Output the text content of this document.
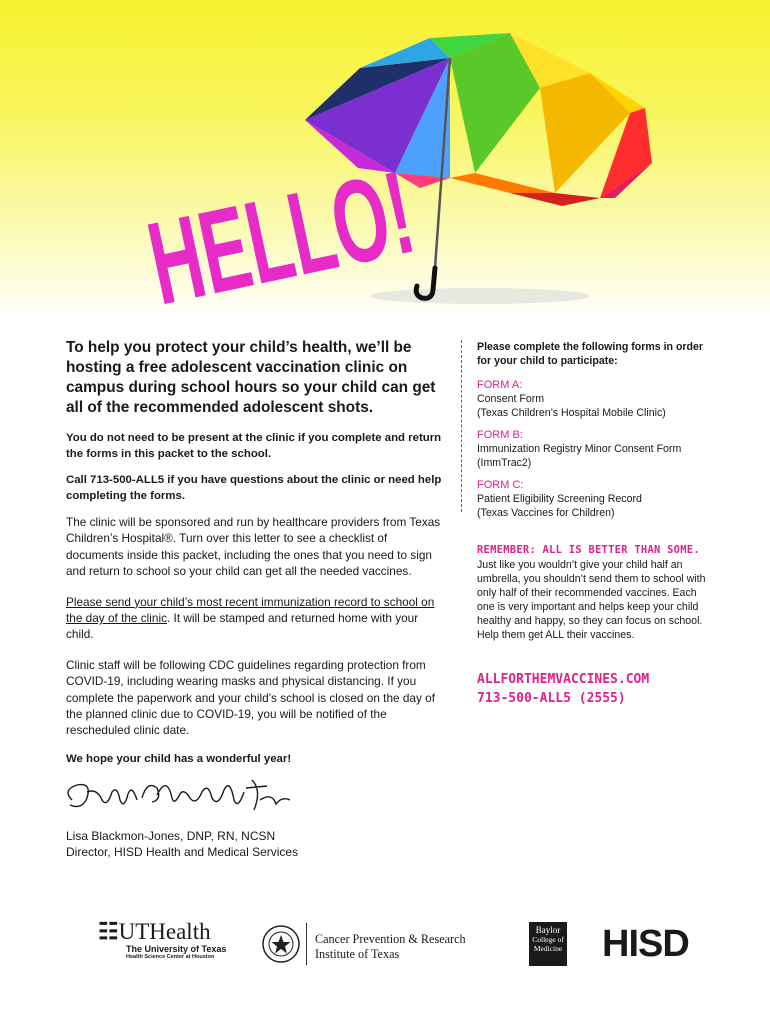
HELLO!

To help you protect your child’s health, we’ll be hosting a free adolescent vaccination clinic on campus during school hours so your child can get all of the recommended adolescent shots.

You do not need to be present at the clinic if you complete and return the forms in this packet to the school.

Call 713-500-ALL5 if you have questions about the clinic or need help completing the forms.

The clinic will be sponsored and run by healthcare providers from Texas Children’s Hospital®. Turn over this letter to see a checklist of documents inside this packet, including the ones that you need to sign and return to school so your child can get all the needed vaccines.

Please send your child’s most recent immunization record to school on the day of the clinic. It will be stamped and returned home with your child.

Clinic staff will be following CDC guidelines regarding protection from COVID-19, including wearing masks and physical distancing. If you complete the paperwork and your child’s school is closed on the day of the planned clinic due to COVID-19, you will be notified of the rescheduled clinic date.

We hope your child has a wonderful year!

Lisa Blackmon-Jones, DNP, RN, NCSN
Director, HISD Health and Medical Services

Please complete the following forms in order for your child to participate:

FORM A:
Consent Form
(Texas Children’s Hospital Mobile Clinic)
FORM B:
Immunization Registry Minor Consent Form
(ImmTrac2)
FORM C:
Patient Eligibility Screening Record
(Texas Vaccines for Children)
REMEMBER: ALL IS BETTER THAN SOME.
Just like you wouldn’t give your child half an umbrella, you shouldn’t send them to school with only half of their recommended vaccines. Each one is very important and helps keep your child healthy and happy, so they can focus on school. Help them get ALL their vaccines.
ALLFORTHEMVACCINES.COM
713-500-ALL5 (2555)
☷UTHealth
The University of Texas
Health Science Center at Houston
Cancer Prevention & Research
Institute of Texas
Baylor
College of
Medicine HISD
